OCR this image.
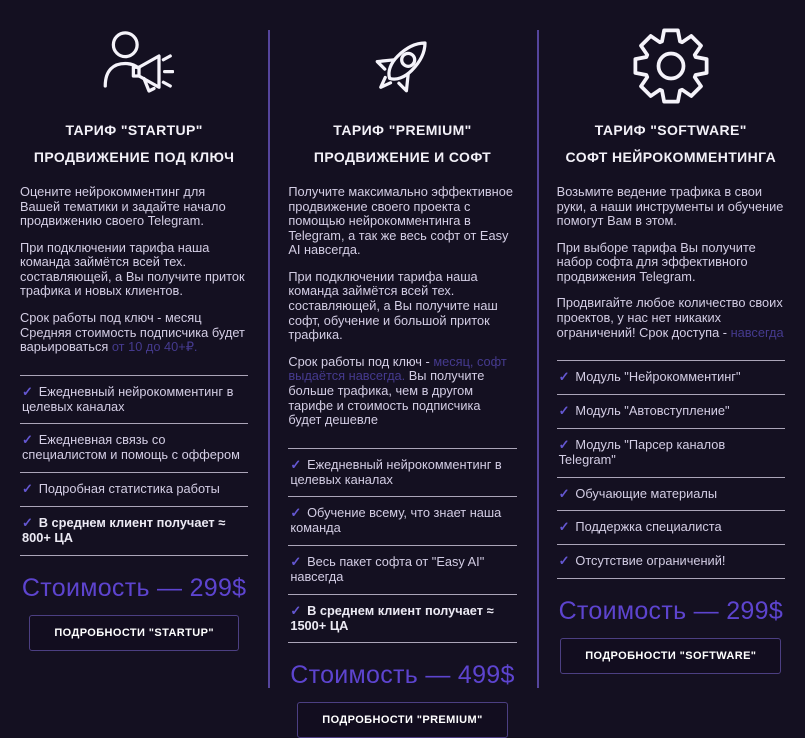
ТАРИФ "STARTUP"
ПРОДВИЖЕНИЕ ПОД КЛЮЧ

Оцените нейрокомментинг для Вашей тематики и задайте начало продвижению своего Telegram.

При подключении тарифа наша команда займётся всей тех. составляющей, а Вы получите приток трафика и новых клиентов.

Срок работы под ключ - месяц
Средняя стоимость подписчика будет варьироваться от 10 до 40+₽.

✓ Ежедневный нейрокомментинг в целевых каналах
✓ Ежедневная связь со специалистом и помощь с оффером
✓ Подробная статистика работы
✓ В среднем клиент получает ≈ 800+ ЦА
Стоимость — 299$
ПОДРОБНОСТИ "STARTUP"
ТАРИФ "PREMIUM"
ПРОДВИЖЕНИЕ И СОФТ

Получите максимально эффективное продвижение своего проекта с помощью нейрокомментинга в Telegram, а так же весь софт от Easy AI навсегда.

При подключении тарифа наша команда займётся всей тех. составляющей, а Вы получите наш софт, обучение и большой приток трафика.

Срок работы под ключ - месяц, софт выдаётся навсегда. Вы получите больше трафика, чем в другом тарифе и стоимость подписчика будет дешевле

✓ Ежедневный нейрокомментинг в целевых каналах
✓ Обучение всему, что знает наша команда
✓ Весь пакет софта от "Easy AI" навсегда
✓ В среднем клиент получает ≈ 1500+ ЦА
Стоимость — 499$
ПОДРОБНОСТИ "PREMIUM"
ТАРИФ "SOFTWARE"
СОФТ НЕЙРОКОММЕНТИНГА

Возьмите ведение трафика в свои руки, а наши инструменты и обучение помогут Вам в этом.

При выборе тарифа Вы получите набор софта для эффективного продвижения Telegram.

Продвигайте любое количество своих проектов, у нас нет никаких ограничений! Срок доступа - навсегда

✓ Модуль "Нейрокомментинг"
✓ Модуль "Автовступление"
✓ Модуль "Парсер каналов Telegram"
✓ Обучающие материалы
✓ Поддержка специалиста
✓ Отсутствие ограничений!
Стоимость — 299$
ПОДРОБНОСТИ "SOFTWARE"
